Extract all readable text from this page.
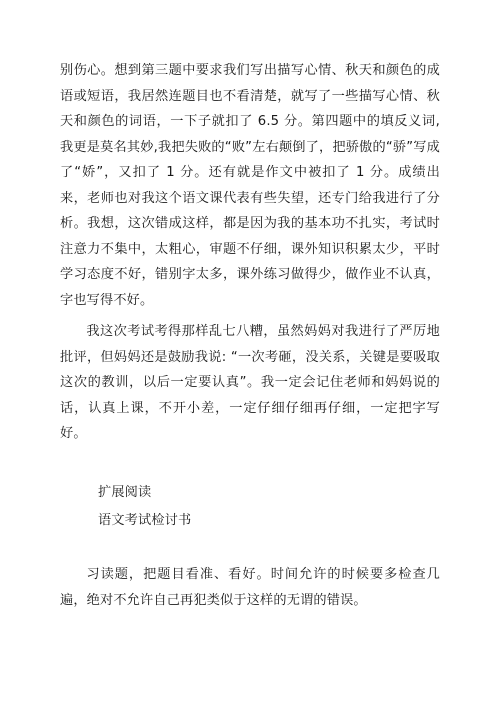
别伤心。想到第三题中要求我们写出描写心情、秋天和颜色的成语或短语，我居然连题目也不看清楚，就写了一些描写心情、秋天和颜色的词语，一下子就扣了 6.5 分。第四题中的填反义词,我更是莫名其妙,我把失败的“败”左右颠倒了，把骄傲的“骄”写成了“娇”，又扣了 1 分。还有就是作文中被扣了 1 分。成绩出来，老师也对我这个语文课代表有些失望，还专门给我进行了分析。我想，这次错成这样，都是因为我的基本功不扎实，考试时注意力不集中，太粗心，审题不仔细，课外知识积累太少，平时学习态度不好，错别字太多，课外练习做得少，做作业不认真，字也写得不好。

我这次考试考得那样乱七八糟，虽然妈妈对我进行了严厉地批评，但妈妈还是鼓励我说: “一次考砸，没关系，关键是要吸取这次的教训，以后一定要认真”。我一定会记住老师和妈妈说的话，认真上课，不开小差，一定仔细仔细再仔细，一定把字写好。

扩展阅读

语文考试检讨书

习读题，把题目看准、看好。时间允许的时候要多检查几遍，绝对不允许自己再犯类似于这样的无谓的错误。
